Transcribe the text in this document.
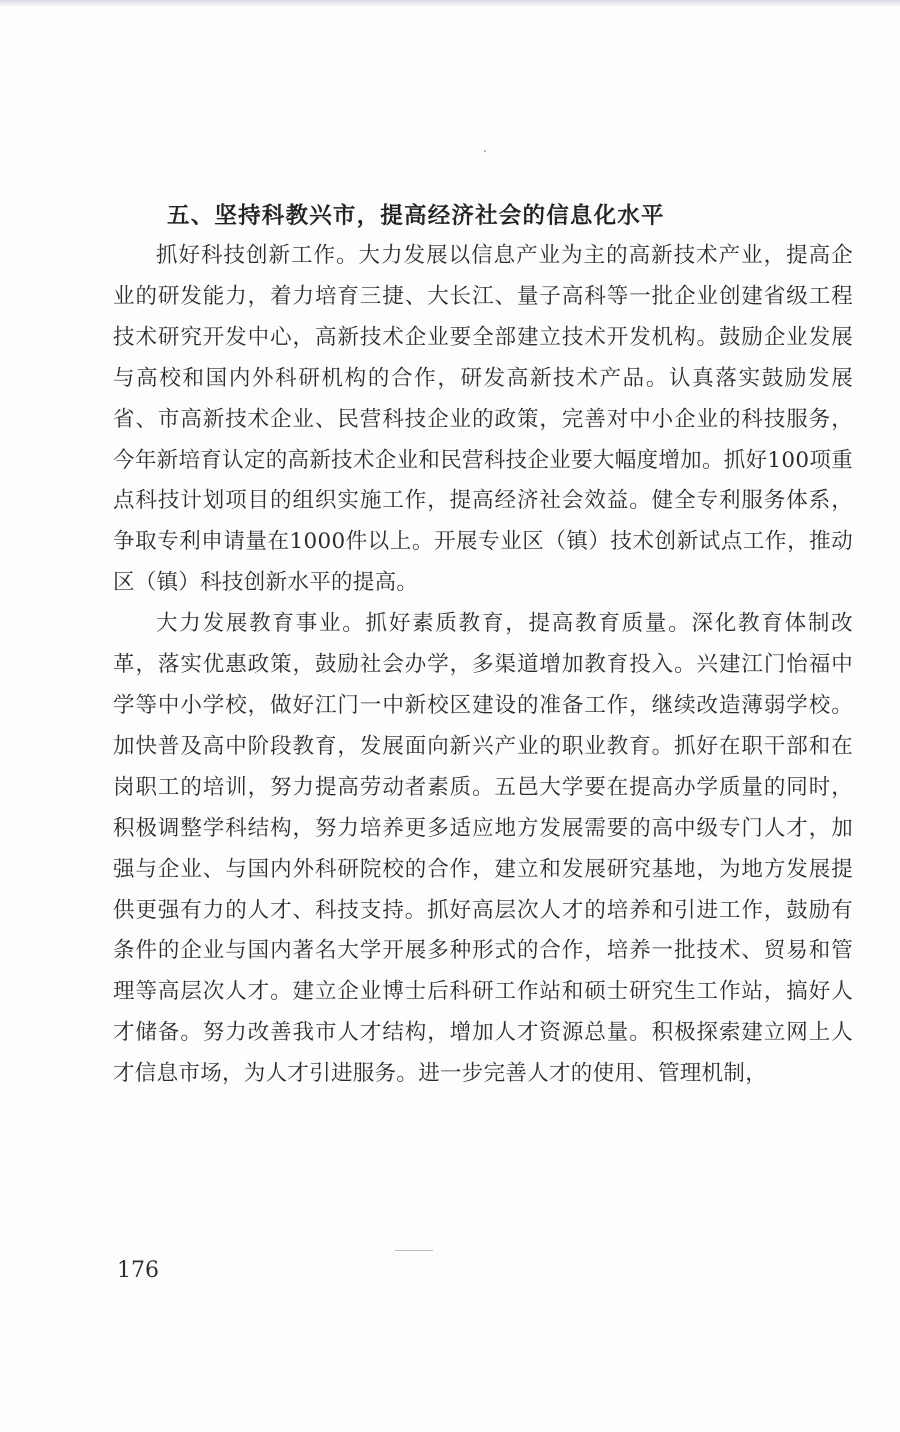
五、坚持科教兴市，提高经济社会的信息化水平

抓好科技创新工作。大力发展以信息产业为主的高新技术产业，提高企业的研发能力，着力培育三捷、大长江、量子高科等一批企业创建省级工程技术研究开发中心，高新技术企业要全部建立技术开发机构。鼓励企业发展与高校和国内外科研机构的合作，研发高新技术产品。认真落实鼓励发展省、市高新技术企业、民营科技企业的政策，完善对中小企业的科技服务，今年新培育认定的高新技术企业和民营科技企业要大幅度增加。抓好100项重点科技计划项目的组织实施工作，提高经济社会效益。健全专利服务体系，争取专利申请量在1000件以上。开展专业区（镇）技术创新试点工作，推动区（镇）科技创新水平的提高。

大力发展教育事业。抓好素质教育，提高教育质量。深化教育体制改革，落实优惠政策，鼓励社会办学，多渠道增加教育投入。兴建江门怡福中学等中小学校，做好江门一中新校区建设的准备工作，继续改造薄弱学校。加快普及高中阶段教育，发展面向新兴产业的职业教育。抓好在职干部和在岗职工的培训，努力提高劳动者素质。五邑大学要在提高办学质量的同时，积极调整学科结构，努力培养更多适应地方发展需要的高中级专门人才，加强与企业、与国内外科研院校的合作，建立和发展研究基地，为地方发展提供更强有力的人才、科技支持。抓好高层次人才的培养和引进工作，鼓励有条件的企业与国内著名大学开展多种形式的合作，培养一批技术、贸易和管理等高层次人才。建立企业博士后科研工作站和硕士研究生工作站，搞好人才储备。努力改善我市人才结构，增加人才资源总量。积极探索建立网上人才信息市场，为人才引进服务。进一步完善人才的使用、管理机制，

176
